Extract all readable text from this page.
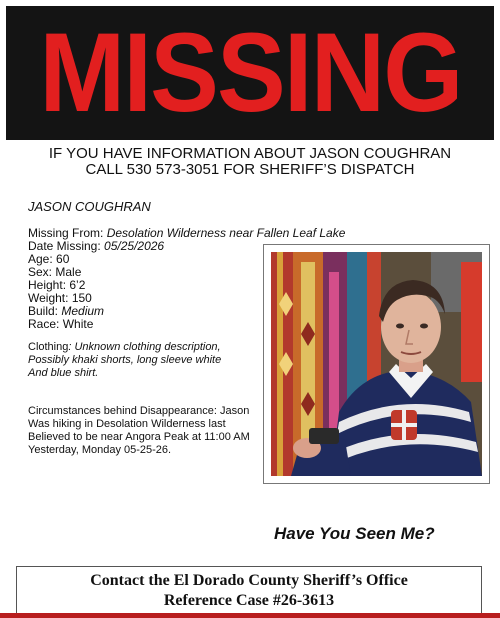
MISSING
IF YOU HAVE INFORMATION ABOUT JASON COUGHRAN
CALL 530 573-3051 FOR SHERIFF’S DISPATCH
JASON COUGHRAN
Missing From: Desolation Wilderness near Fallen Leaf Lake
Date Missing: 05/25/2026
Age: 60
Sex: Male
Height: 6’2
Weight: 150
Build: Medium
Race: White
Clothing: Unknown clothing description,
Possibly khaki shorts, long sleeve white
And blue shirt.
Circumstances behind Disappearance: Jason
Was hiking in Desolation Wilderness last
Believed to be near Angora Peak at 11:00 AM
Yesterday, Monday 05-25-26.
Have You Seen Me?
Contact the El Dorado County Sheriff’s Office
Reference Case #26-3613
